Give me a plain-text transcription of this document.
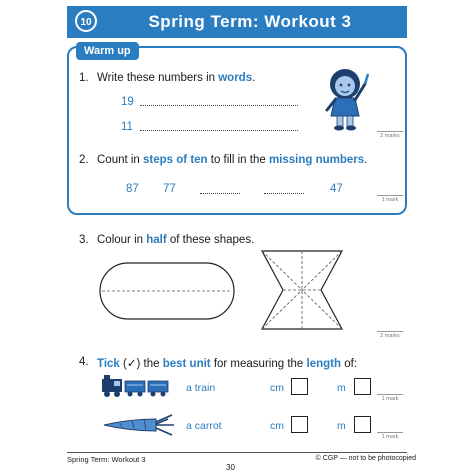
10	Spring Term: Workout 3
Warm up
1. Write these numbers in words.
19
11
2 marks
2. Count in steps of ten to fill in the missing numbers.
87 77	47
1 mark
3. Colour in half of these shapes.
2 marks
4. Tick (✓) the best unit for measuring the length of:
a train	cm	m
1 mark
a carrot	cm	m
1 mark
Spring Term: Workout 3	© CGP — not to be photocopied
30
